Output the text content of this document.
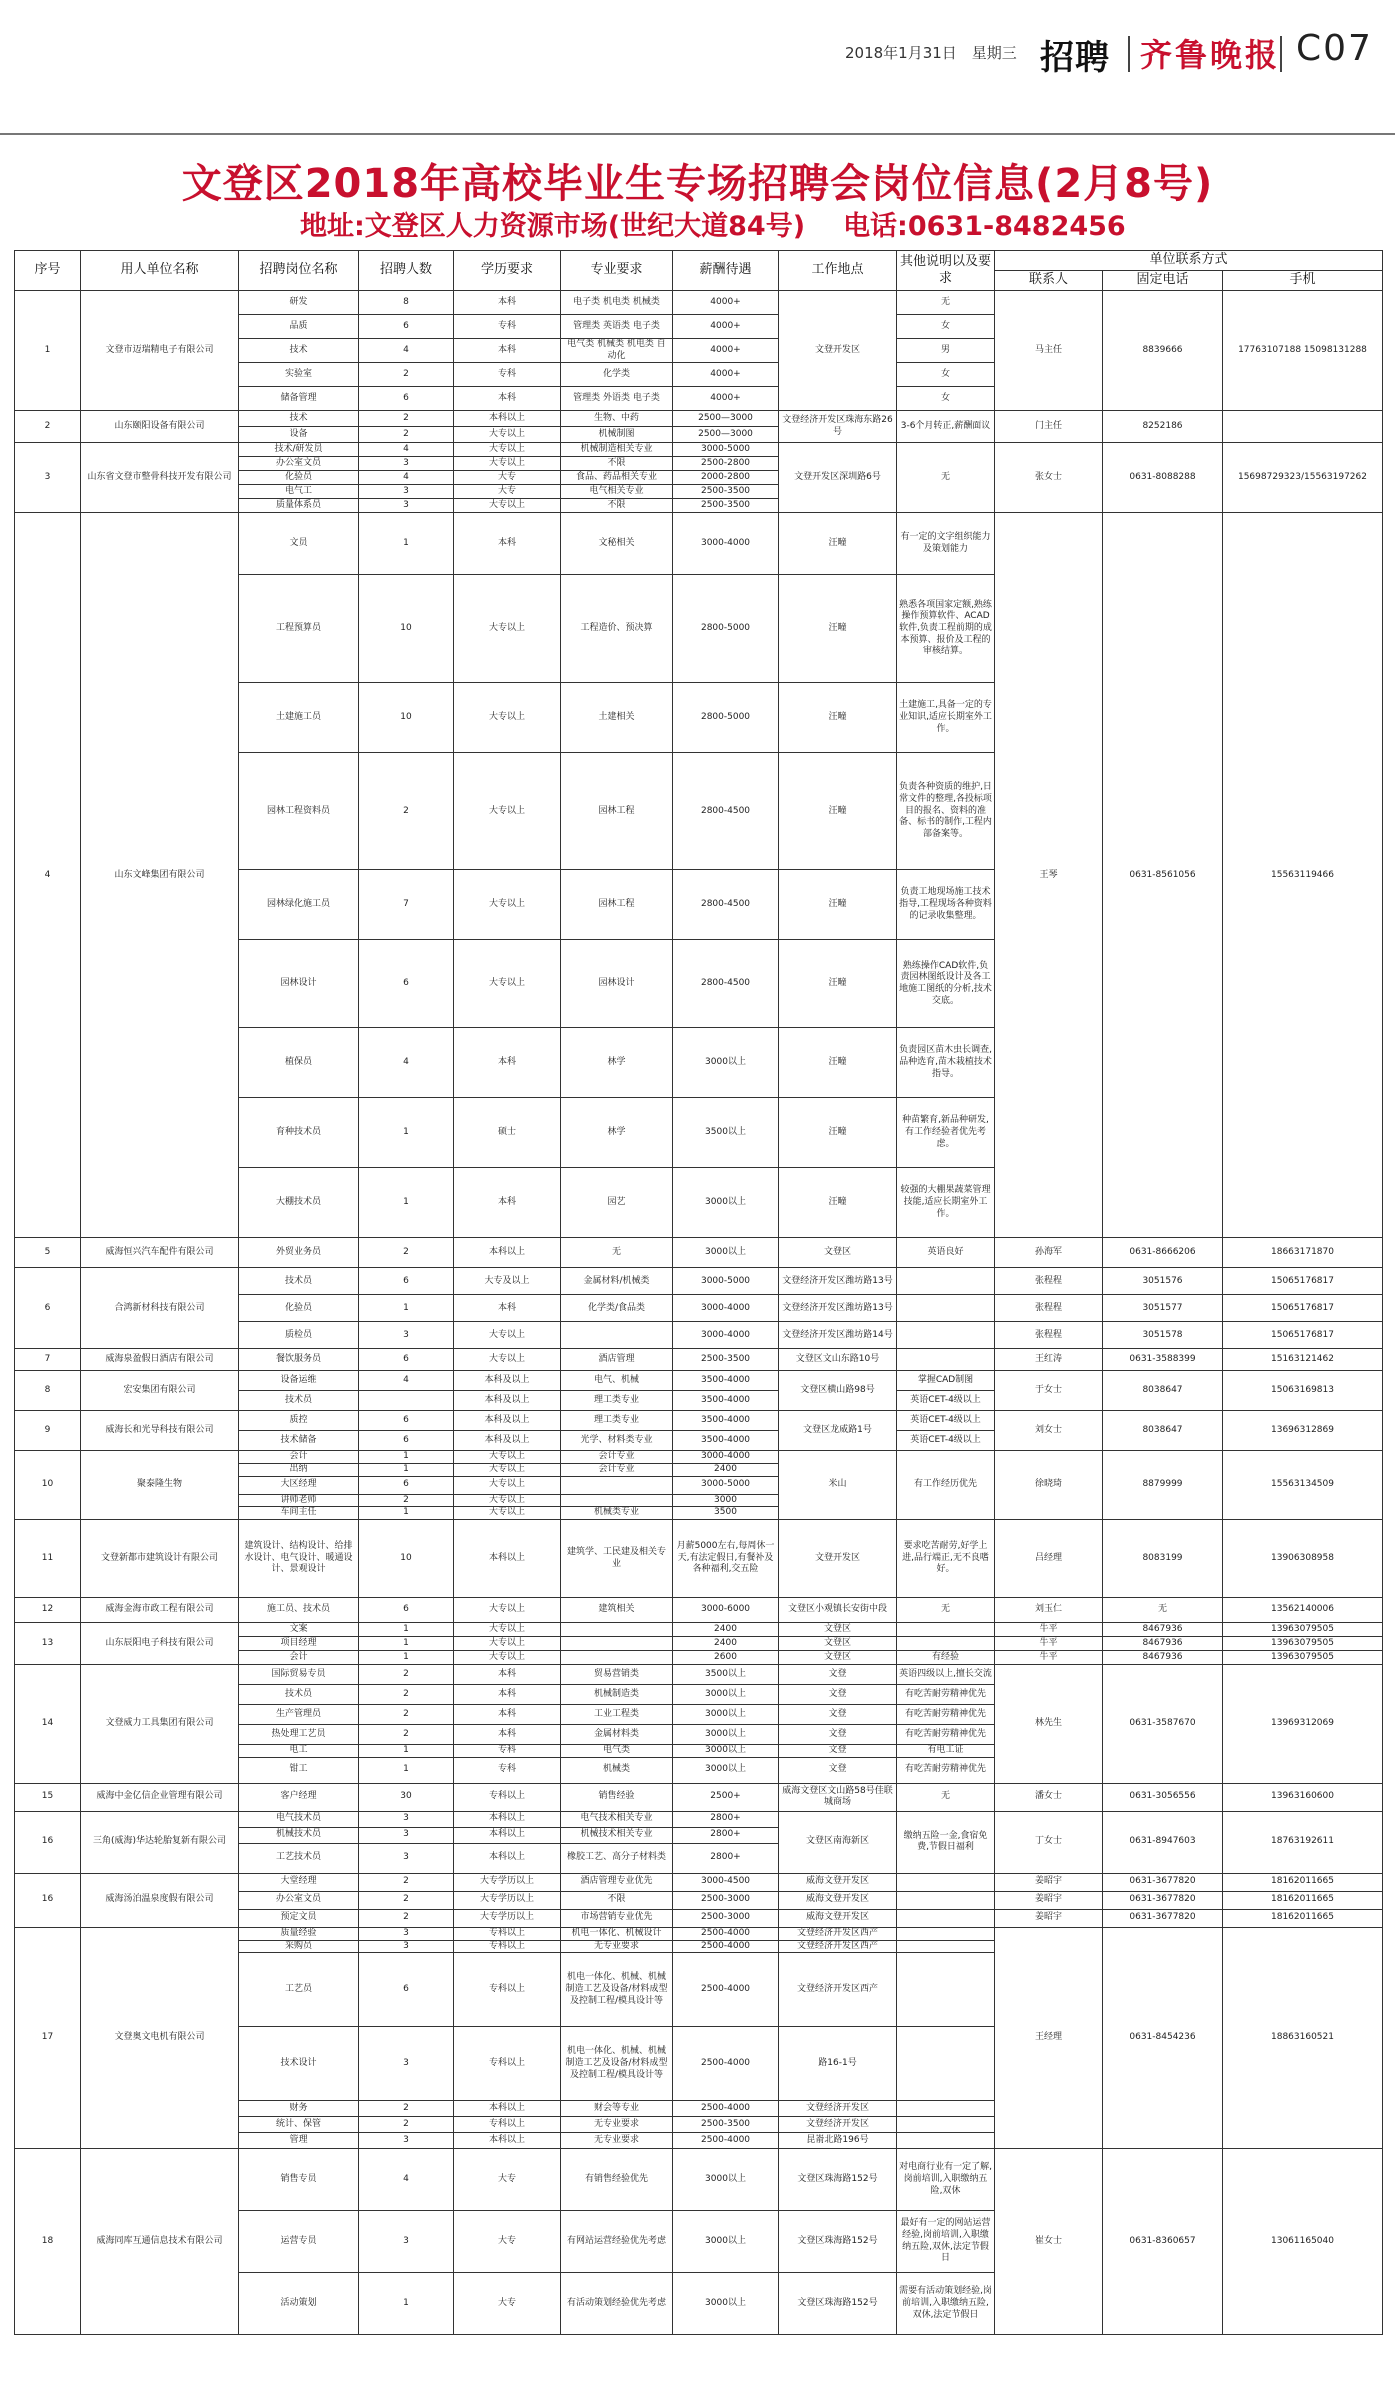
2018年1月31日　星期三 招聘 齐鲁晚报 C07
文登区2018年高校毕业生专场招聘会岗位信息(2月8号)
地址:文登区人力资源市场(世纪大道84号) 电话:0631-8482456
序号	用人单位名称	招聘岗位名称	招聘人数	学历要求	专业要求	薪酬待遇	工作地点	其他说明以及要求	单位联系方式		
									联系人	固定电话	手机
1	文登市迈瑞精电子有限公司	研发	8	本科	电子类 机电类 机械类	4000+	文登开发区	无	马主任	8839666	17763107188 15098131288
		品质	6	专科	管理类 英语类 电子类	4000+		女			
		技术	4	本科	电气类 机械类 机电类 自动化	4000+		男			
		实验室	2	专科	化学类	4000+		女			
		储备管理	6	本科	管理类 外语类 电子类	4000+		女			
2	山东颐阳设备有限公司	技术	2	本科以上	生物、中药	2500—3000	文登经济开发区珠海东路26号	3-6个月转正,薪酬面议	门主任	8252186	
		设备	2	大专以上	机械制图	2500—3000					
3	山东省文登市整骨科技开发有限公司	技术/研发员	4	大专以上	机械制造相关专业	3000-5000	文登开发区深圳路6号	无	张女士	0631-8088288	15698729323/15563197262
		办公室文员	3	大专以上	不限	2500-2800					
		化验员	4	大专	食品、药品相关专业	2000-2800					
		电气工	3	大专	电气相关专业	2500-3500					
		质量体系员	3	大专以上	不限	2500-3500					
4	山东文峰集团有限公司	文员	1	本科	文秘相关	3000-4000	汪疃	有一定的文字组织能力及策划能力	王琴	0631-8561056	15563119466
		工程预算员	10	大专以上	工程造价、预决算	2800-5000	汪疃	熟悉各项国家定额,熟练操作预算软件、ACAD软件,负责工程前期的成本预算、报价及工程的审核结算。			
		土建施工员	10	大专以上	土建相关	2800-5000	汪疃	土建施工,具备一定的专业知识,适应长期室外工作。			
		园林工程资料员	2	大专以上	园林工程	2800-4500	汪疃	负责各种资质的维护,日常文件的整理,各投标项目的报名、资料的准备、标书的制作,工程内部备案等。			
		园林绿化施工员	7	大专以上	园林工程	2800-4500	汪疃	负责工地现场施工技术指导,工程现场各种资料的记录收集整理。			
		园林设计	6	大专以上	园林设计	2800-4500	汪疃	熟练操作CAD软件,负责园林图纸设计及各工地施工图纸的分析,技术交底。			
		植保员	4	本科	林学	3000以上	汪疃	负责园区苗木虫长调查,品种选育,苗木栽植技术指导。			
		育种技术员	1	硕士	林学	3500以上	汪疃	种苗繁育,新品种研发,有工作经验者优先考虑。			
		大棚技术员	1	本科	园艺	3000以上	汪疃	较强的大棚果蔬菜管理技能,适应长期室外工作。			
5	威海恒兴汽车配件有限公司	外贸业务员	2	本科以上	无	3000以上	文登区	英语良好	孙海军	0631-8666206	18663171870
6	合鸿新材科技有限公司	技术员	6	大专及以上	金属材料/机械类	3000-5000	文登经济开发区潍坊路13号		张程程	3051576	15065176817
		化验员	1	本科	化学类/食品类	3000-4000	文登经济开发区潍坊路13号		张程程	3051577	15065176817
		质检员	3	大专以上		3000-4000	文登经济开发区潍坊路14号		张程程	3051578	15065176817
7	威海泉盈假日酒店有限公司	餐饮服务员	6	大专以上	酒店管理	2500-3500	文登区文山东路10号		王红涛	0631-3588399	15163121462
8	宏安集团有限公司	设备运维	4	本科及以上	电气、机械	3500-4000	文登区横山路98号	掌握CAD制图	于女士	8038647	15063169813
		技术员		本科及以上	理工类专业	3500-4000		英语CET-4级以上			
9	威海长和光导科技有限公司	质控	6	本科及以上	理工类专业	3500-4000	文登区龙威路1号	英语CET-4级以上	刘女士	8038647	13696312869
		技术储备	6	本科及以上	光学、材料类专业	3500-4000		英语CET-4级以上			
10	聚泰隆生物	会计	1	大专以上	会计专业	3000-4000	米山	有工作经历优先	徐晓琦	8879999	15563134509
		出纳	1	大专以上	会计专业	2400					
		大区经理	6	大专以上		3000-5000					
		讲师老师	2	大专以上		3000					
		车间主任	1	大专以上	机械类专业	3500					
11	文登新都市建筑设计有限公司	建筑设计、结构设计、给排水设计、电气设计、暖通设计、景观设计	10	本科以上	建筑学、工民建及相关专业	月薪5000左右,每周休一天,有法定假日,有餐补及各种福利,交五险	文登开发区	要求吃苦耐劳,好学上进,品行端正,无不良嗜好。	吕经理	8083199	13906308958
12	威海金海市政工程有限公司	施工员、技术员	6	大专以上	建筑相关	3000-6000	文登区小观镇长安街中段	无	刘玉仁	无	13562140006
13	山东辰阳电子科技有限公司	文案	1	大专以上		2400	文登区		牛平	8467936	13963079505
		项目经理	1	大专以上		2400	文登区		牛平	8467936	13963079505
		会计	1	大专以上		2600	文登区	有经验	牛平	8467936	13963079505
14	文登威力工具集团有限公司	国际贸易专员	2	本科	贸易营销类	3500以上	文登	英语四级以上,擅长交流	林先生	0631-3587670	13969312069
		技术员	2	本科	机械制造类	3000以上	文登	有吃苦耐劳精神优先			
		生产管理员	2	本科	工业工程类	3000以上	文登	有吃苦耐劳精神优先			
		热处理工艺员	2	本科	金属材料类	3000以上	文登	有吃苦耐劳精神优先			
		电工	1	专科	电气类	3000以上	文登	有电工证			
		钳工	1	专科	机械类	3000以上	文登	有吃苦耐劳精神优先			
15	威海中金亿信企业管理有限公司	客户经理	30	专科以上	销售经验	2500+	威海文登区文山路58号佳联城商场	无	潘女士	0631-3056556	13963160600
16	三角(威海)华达轮胎复新有限公司	电气技术员	3	本科以上	电气技术相关专业	2800+	文登区南海新区	缴纳五险一金,食宿免费,节假日福利	丁女士	0631-8947603	18763192611
		机械技术员	3	本科以上	机械技术相关专业	2800+					
		工艺技术员	3	本科以上	橡胶工艺、高分子材料类	2800+					
16	威海汤泊温泉度假有限公司	大堂经理	2	大专学历以上	酒店管理专业优先	3000-4500	威海文登开发区		姜昭宇	0631-3677820	18162011665
		办公室文员	2	大专学历以上	不限	2500-3000	威海文登开发区		姜昭宇	0631-3677820	18162011665
		预定文员	2	大专学历以上	市场营销专业优先	2500-3000	威海文登开发区		姜昭宇	0631-3677820	18162011665
17	文登奥文电机有限公司	质量经验	3	专科以上	机电一体化、机械设计	2500-4000	文登经济开发区西产		王经理	0631-8454236	18863160521
		采购员	3	专科以上	无专业要求	2500-4000	文登经济开发区西产				
		工艺员	6	专科以上	机电一体化、机械、机械制造工艺及设备/材料成型及控制工程/模具设计等	2500-4000	文登经济开发区西产				
		技术设计	3	专科以上	机电一体化、机械、机械制造工艺及设备/材料成型及控制工程/模具设计等	2500-4000	路16-1号				
		财务	2	本科以上	财会等专业	2500-4000	文登经济开发区				
		统计、保管	2	专科以上	无专业要求	2500-3500	文登经济开发区				
		管理	3	本科以上	无专业要求	2500-4000	昆嵛北路196号				
18	威海同库互通信息技术有限公司	销售专员	4	大专	有销售经验优先	3000以上	文登区珠海路152号	对电商行业有一定了解,岗前培训,入职缴纳五险,双休	崔女士	0631-8360657	13061165040
		运营专员	3	大专	有网站运营经验优先考虑	3000以上	文登区珠海路152号	最好有一定的网站运营经验,岗前培训,入职缴纳五险,双休,法定节假日			
		活动策划	1	大专	有活动策划经验优先考虑	3000以上	文登区珠海路152号	需要有活动策划经验,岗前培训,入职缴纳五险,双休,法定节假日			
